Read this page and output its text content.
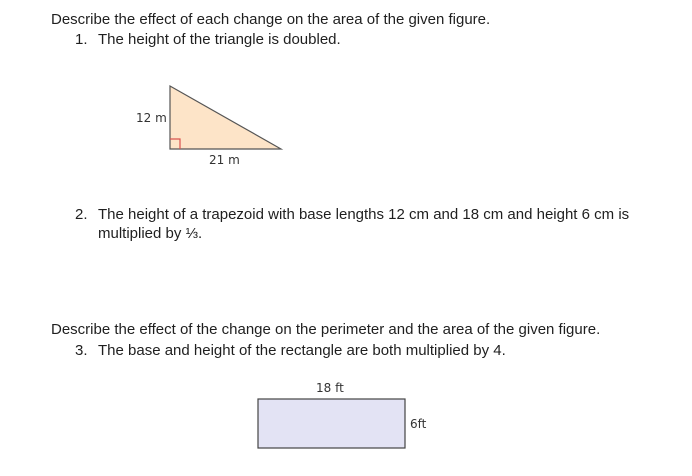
Describe the effect of each change on the area of the given figure.
1. The height of the triangle is doubled.
12 m
21 m
2. The height of a trapezoid with base lengths 12 cm and 18 cm and height 6 cm is
multiplied by ⅓.
Describe the effect of the change on the perimeter and the area of the given figure.
3. The base and height of the rectangle are both multiplied by 4.
18 ft
6ft
